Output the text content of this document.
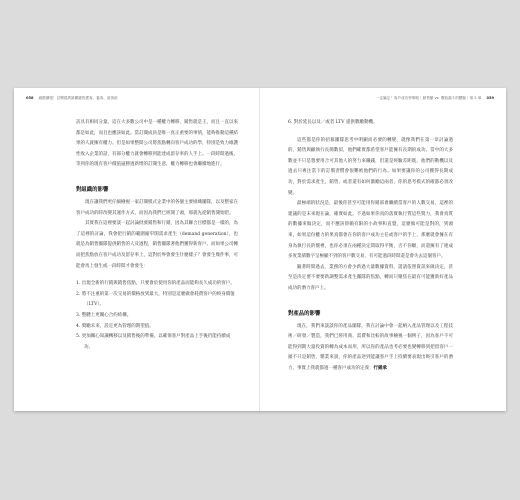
058 細節擴張！訂閱經濟最關鍵的獲客、養客、留客術

訪具有相同分量。這在大多數公司中是一種權力轉移，銷售就是王，而且一直以來都是如此，而且也應該如此。當訂閱成員是唯一真正重要的事情，能夠推動這種結果的人就擁有權力。但是如果整間公司將焦點轉向客戶成功的學，特別是致力維護性收入企業的話，有部分權力就會轉移到能達成留存率的人手上。一段時間過後，等到你的現有客戶價值逼勝過新增的訂閱生意，權力轉移也會繼續地進行。

對組織的影響

現在讓我們更仔細檢視一家訂閱模式企業中的各個主要組織團隊，以及整家在客戶成功的時改變其運作方式，而因為我們已經開了頭，那就先從銷售開始吧。

其實我在這裡要談一起討論批發銷售和行銷，因為其聯合目標都是一樣的，為了這裡的討論，我會把行銷的範圍縮窄開需求產生（demand generation），也就是為銷售團隊提供銷售的人及過程，銷售團隊著他們獲得新客戶。而如果公司轉而把焦點放在客戶成功及留存率上，這對於界會發生什麼樣子？會發生幾件事，可能會馬上發生或一段時間才會發生：

1. 出現全新的行銷與銷售焦點，只要會於使用你的產品而能夠長久成功的客戶。
2. 將不注重的第一次交易的價格放到最大，特別是這麼做會耗費客戶的終身價值（LTV）。
3. 整體上更關心合約結構。
4. 獎勵未來，設定更為管理的期望值。
5. 更加關心知識轉移以及銷售後的準備，以確保客戶對產品上手後仍能持續成功。
一定贏定！客戶成功學策略｜銷售額 vs. 價值漏斗的體驗｜第 2 章 059
6. 對於延長以及／或者 LTV 提供數勵動機。

這些都是你的招募團隊思考中明顯而必要的轉變，就像我們在第一章討論過的，銷售與顧執行長簡數似，他們確實都希望客戶能擁有長期的成功。當中的大多數並不只是想要用合可其他人的努力來賺錢，但還是經驗差距既，他們的動機以及過去只專注當下的訂價習慣會很難被他們的行為。如果要讓你的公司獲得長期成功，對於需求產生、銷售、或者還有如何激勵這兩者，你的思考模式的確都必須改變。

最極端的狀況是，最後你甚至可能用你銷部會繼續當客戶的人數交易，這裡的建議的是末來現在論，確實如此。不過如果你真的落實執行質這些獎力，我會真質的數據來做決定，而不應該仰賴有限的小故事和直覺，這麼做可能是對的，到頭來，如果這份權力的果真都會在你的客戶成功主任或客戶的手上，那麼就會擁在有身為執行長的懷裡，也你必須在兩種決定間取得平衡，否不你願，而還擁有了連成多度業績數字呈極顯不到的客戶數交易，有可能過段時間還是會失去這個客戶。

隨著時間過去，業務的方會少新過大量數據資料，證請依照資訊來做決定，甚至是決定要不要要新調整需求產生團隊的焦點，轉而只聚焦在最有可能獲新好產品成功的潛力客戶上。

對產品的影響

現在，我們來談談你的產品團隊，我在討論中會一起納入產品管理以及工程技術／研發／製造，我們已經用商、需費和比較的故事檢視一個例子，因為客戶不可能得到期大量投資的轉為成本而用，所以你的產品也考必要也變轉移到把留客戶一頭不只是銷售，雜業來說，你的產品逆到能讓客戶手上持續要表現出吸引客戶的潛力，事實上我就都過一種客戶成功的定義：行銷承
